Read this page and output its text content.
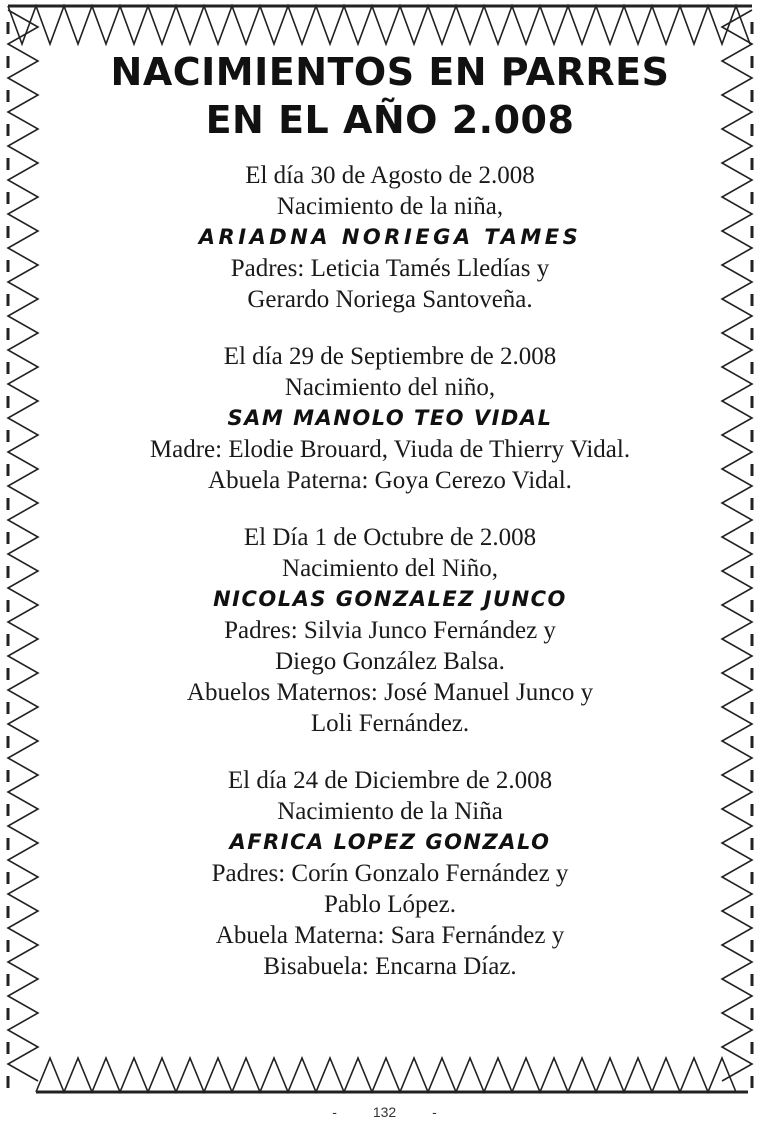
NACIMIENTOS EN PARRES
EN EL AÑO 2.008

El día 30 de Agosto de 2.008

Nacimiento de la niña,

ARIADNA NORIEGA TAMES

Padres: Leticia Tamés Lledías y

Gerardo Noriega Santoveña.

El día 29 de Septiembre de 2.008

Nacimiento del niño,

SAM MANOLO TEO VIDAL

Madre: Elodie Brouard, Viuda de Thierry Vidal.

Abuela Paterna: Goya Cerezo Vidal.

El Día 1 de Octubre de 2.008

Nacimiento del Niño,

NICOLAS GONZALEZ JUNCO

Padres: Silvia Junco Fernández y

Diego González Balsa.

Abuelos Maternos: José Manuel Junco y

Loli Fernández.

El día 24 de Diciembre de 2.008

Nacimiento de la Niña

AFRICA LOPEZ GONZALO

Padres: Corín Gonzalo Fernández y

Pablo López.

Abuela Materna: Sara Fernández y

Bisabuela: Encarna Díaz.

-	132	-
